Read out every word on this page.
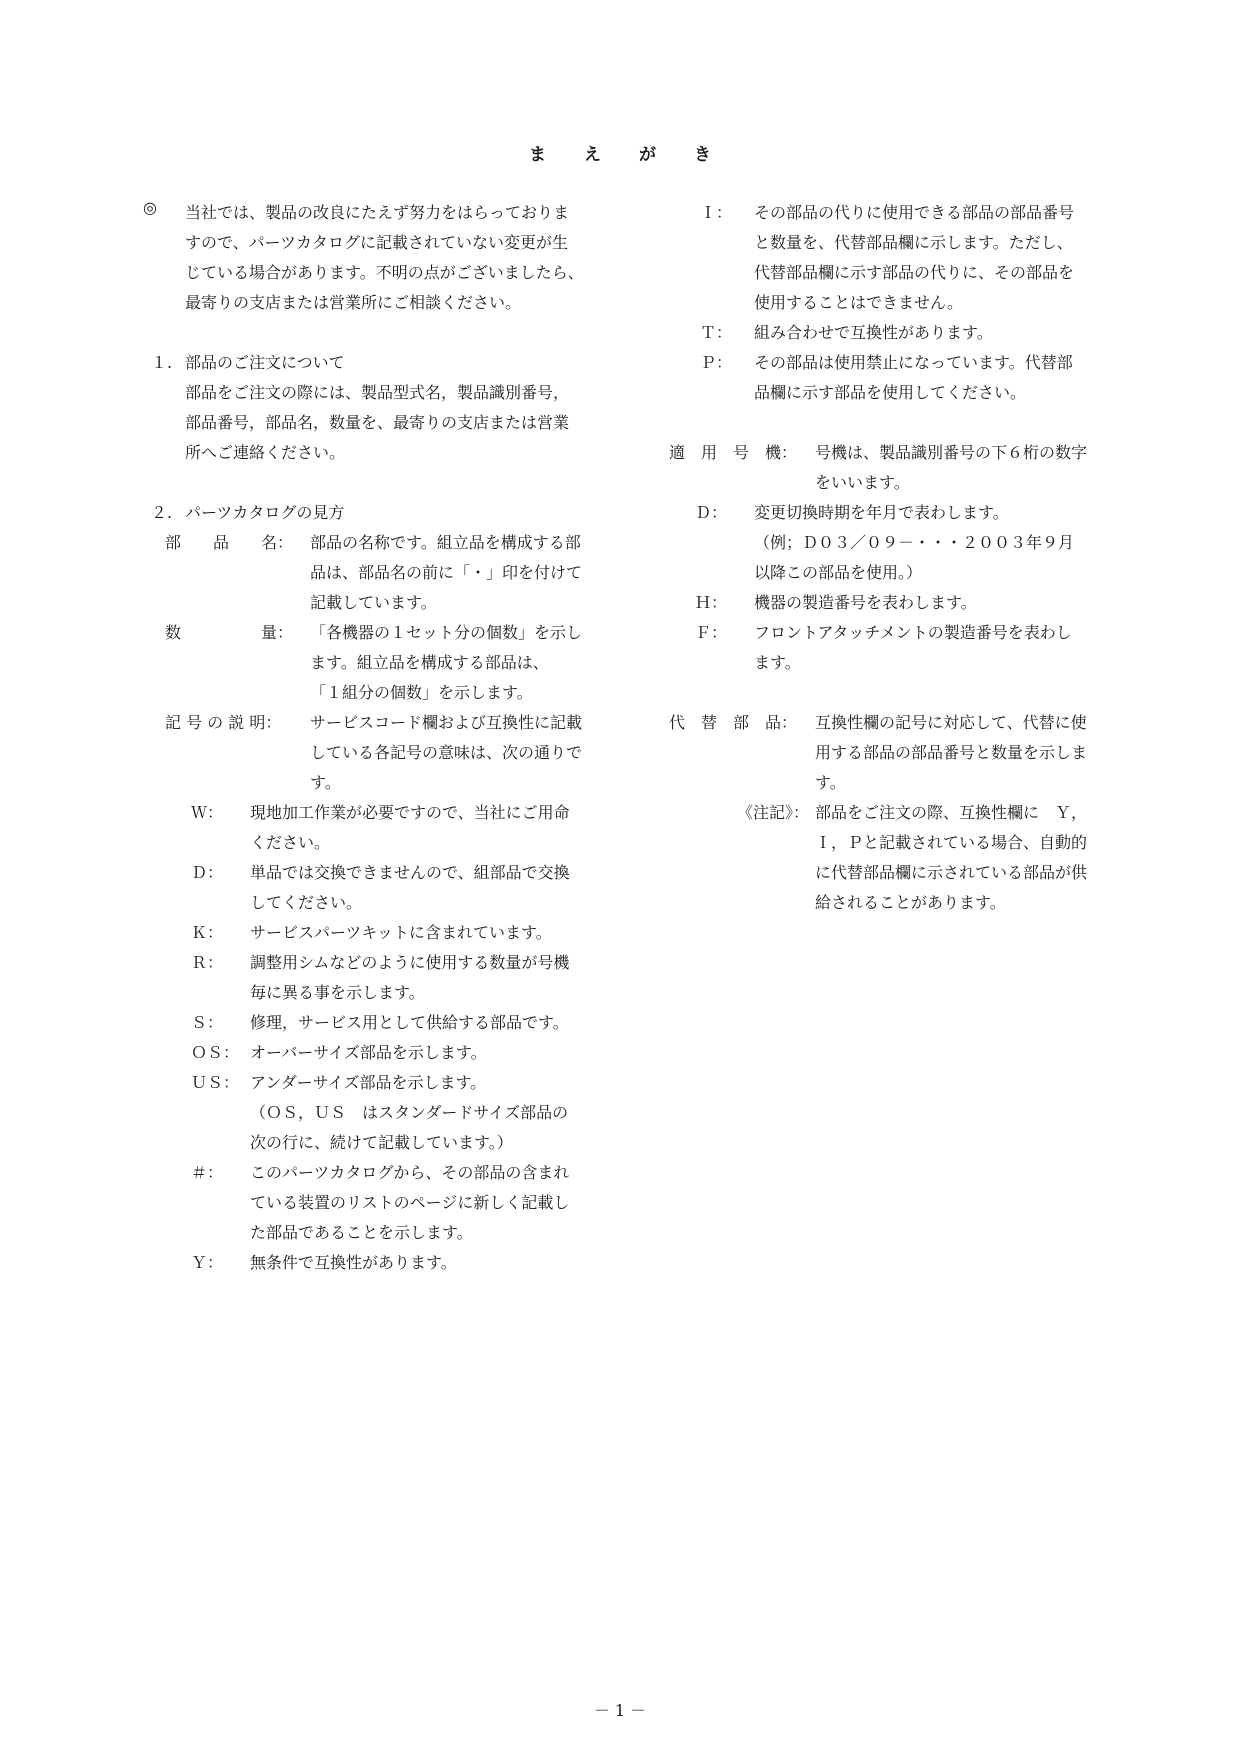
ま え が き
◎ 当社では、製品の改良にたえず努力をはらっておりま
すので、パーツカタログに記載されていない変更が生
じている場合があります。不明の点がございましたら、
最寄りの支店または営業所にご相談ください。
１. 部品のご注文について
部品をご注文の際には、製品型式名，製品識別番号，
部品番号，部品名，数量を、最寄りの支店または営業
所へご連絡ください。
２. パーツカタログの見方
部　　品　　名： 部品の名称です。組立品を構成する部
品は、部品名の前に「・」印を付けて
記載しています。
数　　　　　量： 「各機器の１セット分の個数」を示し
ます。組立品を構成する部品は、
「１組分の個数」を示します。
記 号 の 説 明： サービスコード欄および互換性に記載
している各記号の意味は、次の通りで
す。
Ｗ： 現地加工作業が必要ですので、当社にご用命
ください。
Ｄ： 単品では交換できませんので、組部品で交換
してください。
Ｋ： サービスパーツキットに含まれています。
Ｒ： 調整用シムなどのように使用する数量が号機
毎に異る事を示します。
Ｓ： 修理，サービス用として供給する部品です。
ＯＳ： オーバーサイズ部品を示します。
ＵＳ： アンダーサイズ部品を示します。
（ＯＳ，ＵＳ　はスタンダードサイズ部品の
次の行に、続けて記載しています。）
＃： このパーツカタログから、その部品の含まれ
ている装置のリストのページに新しく記載し
た部品であることを示します。
Ｙ： 無条件で互換性があります。
Ｉ： その部品の代りに使用できる部品の部品番号
と数量を、代替部品欄に示します。ただし、
代替部品欄に示す部品の代りに、その部品を
使用することはできません。
Ｔ： 組み合わせで互換性があります。
Ｐ： その部品は使用禁止になっています。代替部
品欄に示す部品を使用してください。
適　用　号　機： 号機は、製品識別番号の下６桁の数字
をいいます。
Ｄ： 変更切換時期を年月で表わします。
（例；Ｄ０３／０９－・・・２００３年９月
以降この部品を使用。）
Ｈ： 機器の製造番号を表わします。
Ｆ： フロントアタッチメントの製造番号を表わし
ます。
代　替　部　品： 互換性欄の記号に対応して、代替に使
用する部品の部品番号と数量を示しま
す。
《注記》： 部品をご注文の際、互換性欄に　Ｙ，
Ｉ，Ｐと記載されている場合、自動的
に代替部品欄に示されている部品が供
給されることがあります。
－ 1 －
